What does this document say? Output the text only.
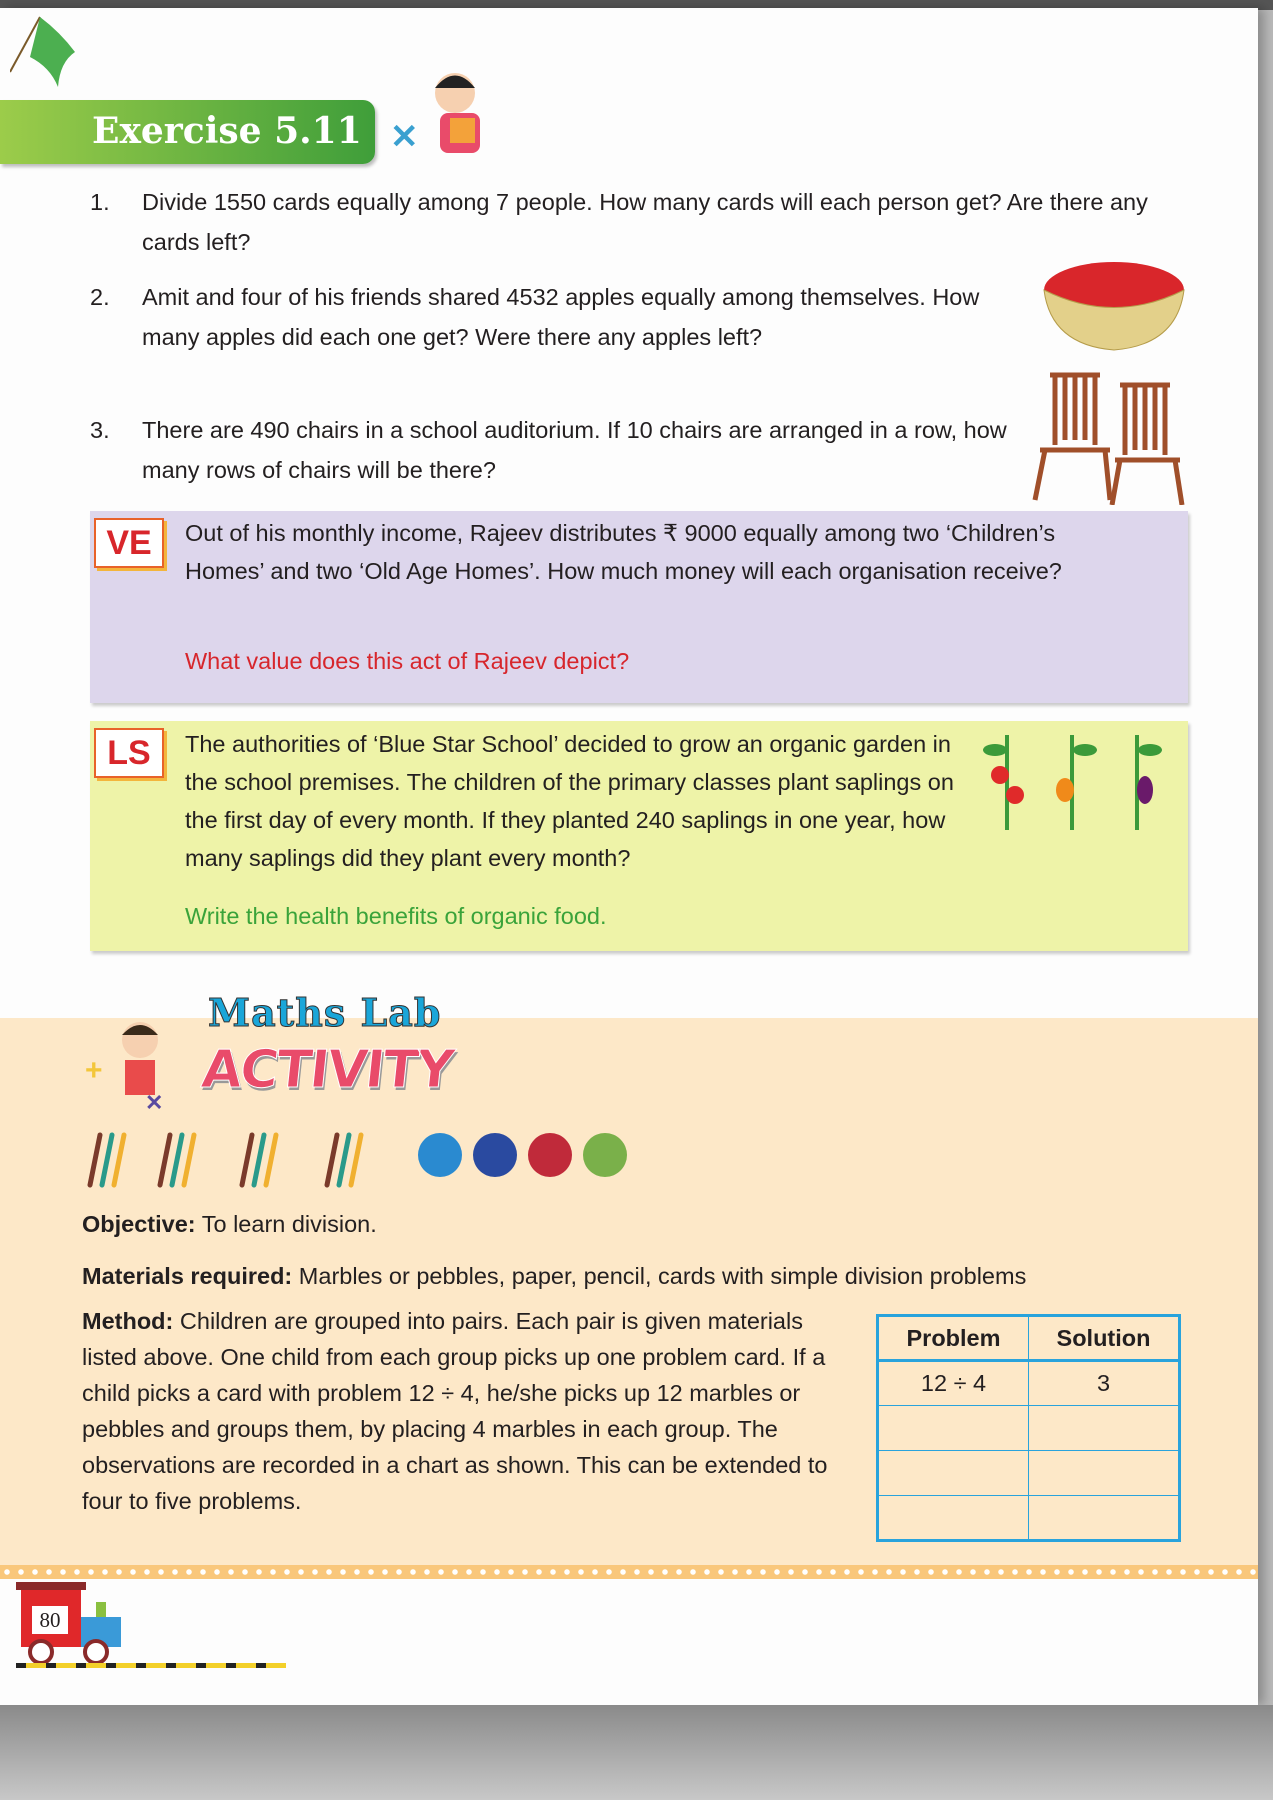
Exercise 5.11 ✕
1. Divide 1550 cards equally among 7 people. How many cards will each person get? Are there any cards left?
2. Amit and four of his friends shared 4532 apples equally among themselves. How many apples did each one get? Were there any apples left?
3. There are 490 chairs in a school auditorium. If 10 chairs are arranged in a row, how many rows of chairs will be there?
VE	Out of his monthly income, Rajeev distributes ₹ 9000 equally among two ‘Children’s Homes’ and two ‘Old Age Homes’. How much money will each organisation receive?
What value does this act of Rajeev depict?
LS	The authorities of ‘Blue Star School’ decided to grow an organic garden in the school premises. The children of the primary classes plant saplings on the first day of every month. If they planted 240 saplings in one year, how many saplings did they plant every month?
Write the health benefits of organic food.
+
✕
Maths Lab
ACTIVITY
Objective: To learn division.
Materials required: Marbles or pebbles, paper, pencil, cards with simple division problems
Method: Children are grouped into pairs. Each pair is given materials listed above. One child from each group picks up one problem card. If a child picks a card with problem 12 ÷ 4, he/she picks up 12 marbles or pebbles and groups them, by placing 4 marbles in each group. The observations are recorded in a chart as shown. This can be extended to four to five problems.
Problem	Solution
12 ÷ 4	3

80
